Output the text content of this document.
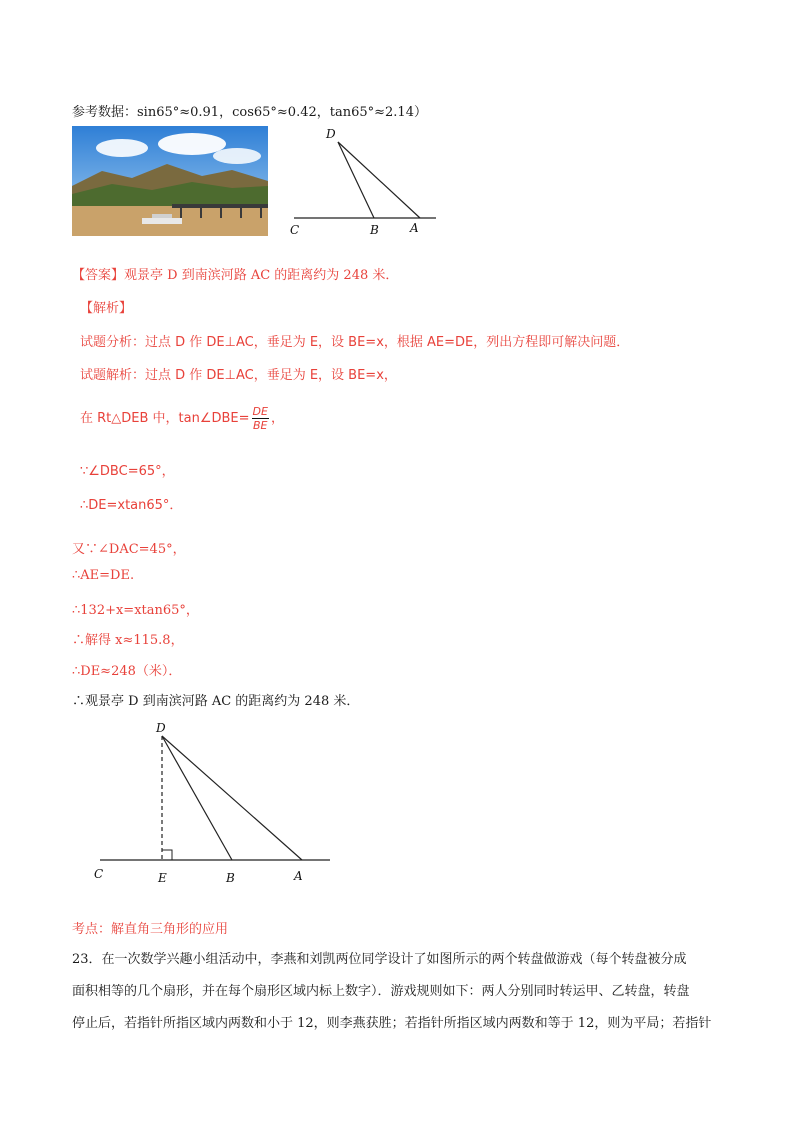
参考数据：sin65°≈0.91，cos65°≈0.42，tan65°≈2.14）
D
C	B	A
【答案】观景亭 D 到南滨河路 AC 的距离约为 248 米．
【解析】
试题分析：过点 D 作 DE⊥AC，垂足为 E，设 BE=x，根据 AE=DE，列出方程即可解决问题．
试题解析：过点 D 作 DE⊥AC，垂足为 E，设 BE=x，
在 Rt△DEB 中，tan∠DBE= $\frac{DE}{BE}$ ，
∵∠DBC=65°，
∴DE=xtan65°．
又∵∠DAC=45°，
∴AE=DE.
∴132+x=xtan65°，
∴解得 x≈115.8，
∴DE≈248（米）．
∴观景亭 D 到南滨河路 AC 的距离约为 248 米．
D
C	E	B	A
考点：解直角三角形的应用
23．在一次数学兴趣小组活动中，李燕和刘凯两位同学设计了如图所示的两个转盘做游戏（每个转盘被分成
面积相等的几个扇形，并在每个扇形区域内标上数字）．游戏规则如下：两人分别同时转运甲、乙转盘，转盘
停止后，若指针所指区域内两数和小于 12，则李燕获胜；若指针所指区域内两数和等于 12，则为平局；若指针
